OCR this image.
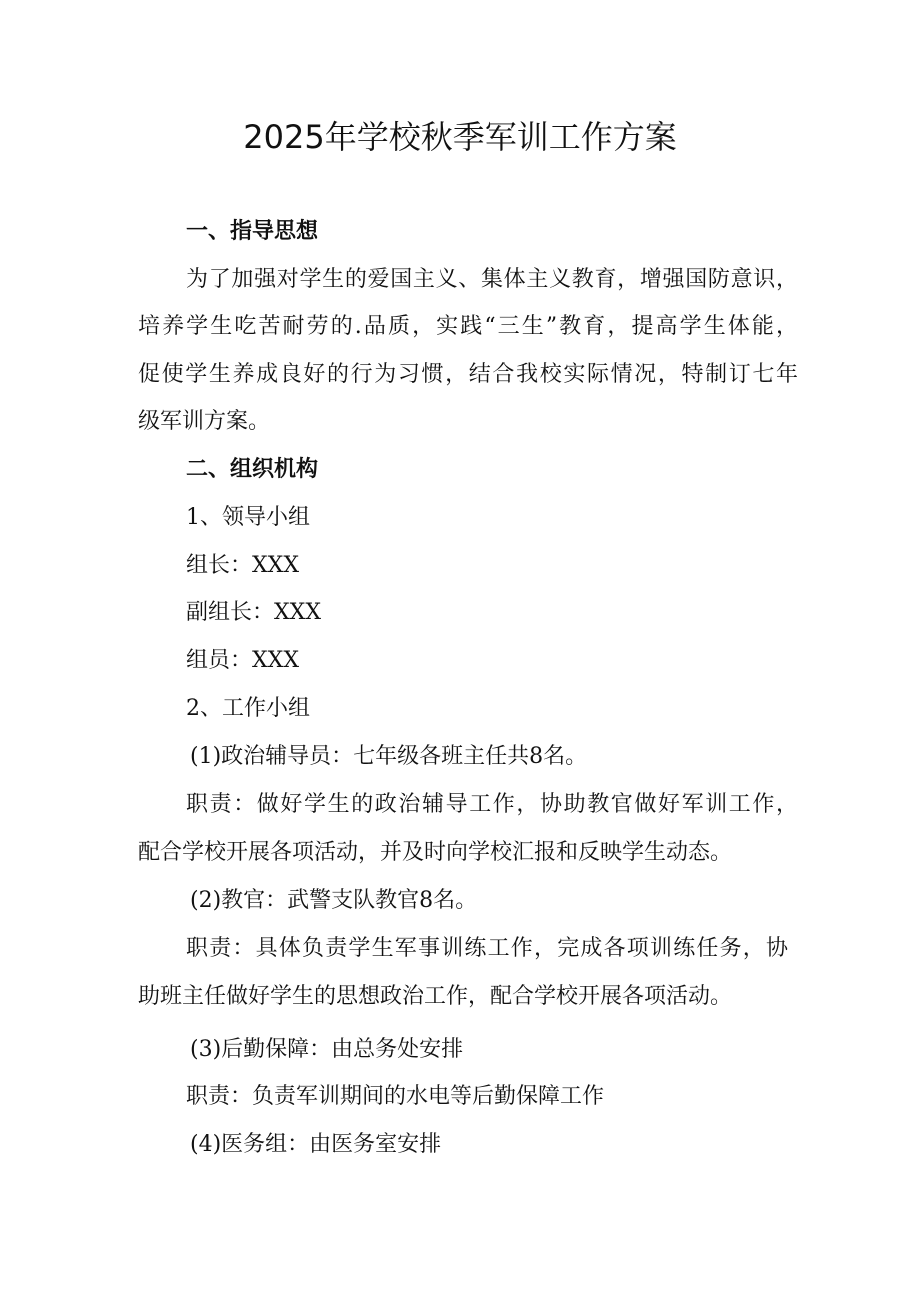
2025年学校秋季军训工作方案

一、指导思想

为了加强对学生的爱国主义、集体主义教育，增强国防意识，

培养学生吃苦耐劳的.品质，实践“三生”教育，提高学生体能，

促使学生养成良好的行为习惯，结合我校实际情况，特制订七年

级军训方案。

二、组织机构

1、领导小组

组长：XXX

副组长：XXX

组员：XXX

2、工作小组

(1)政治辅导员：七年级各班主任共8名。

职责：做好学生的政治辅导工作，协助教官做好军训工作，

配合学校开展各项活动，并及时向学校汇报和反映学生动态。

(2)教官：武警支队教官8名。

职责：具体负责学生军事训练工作，完成各项训练任务，协

助班主任做好学生的思想政治工作，配合学校开展各项活动。

(3)后勤保障：由总务处安排

职责：负责军训期间的水电等后勤保障工作

(4)医务组：由医务室安排
